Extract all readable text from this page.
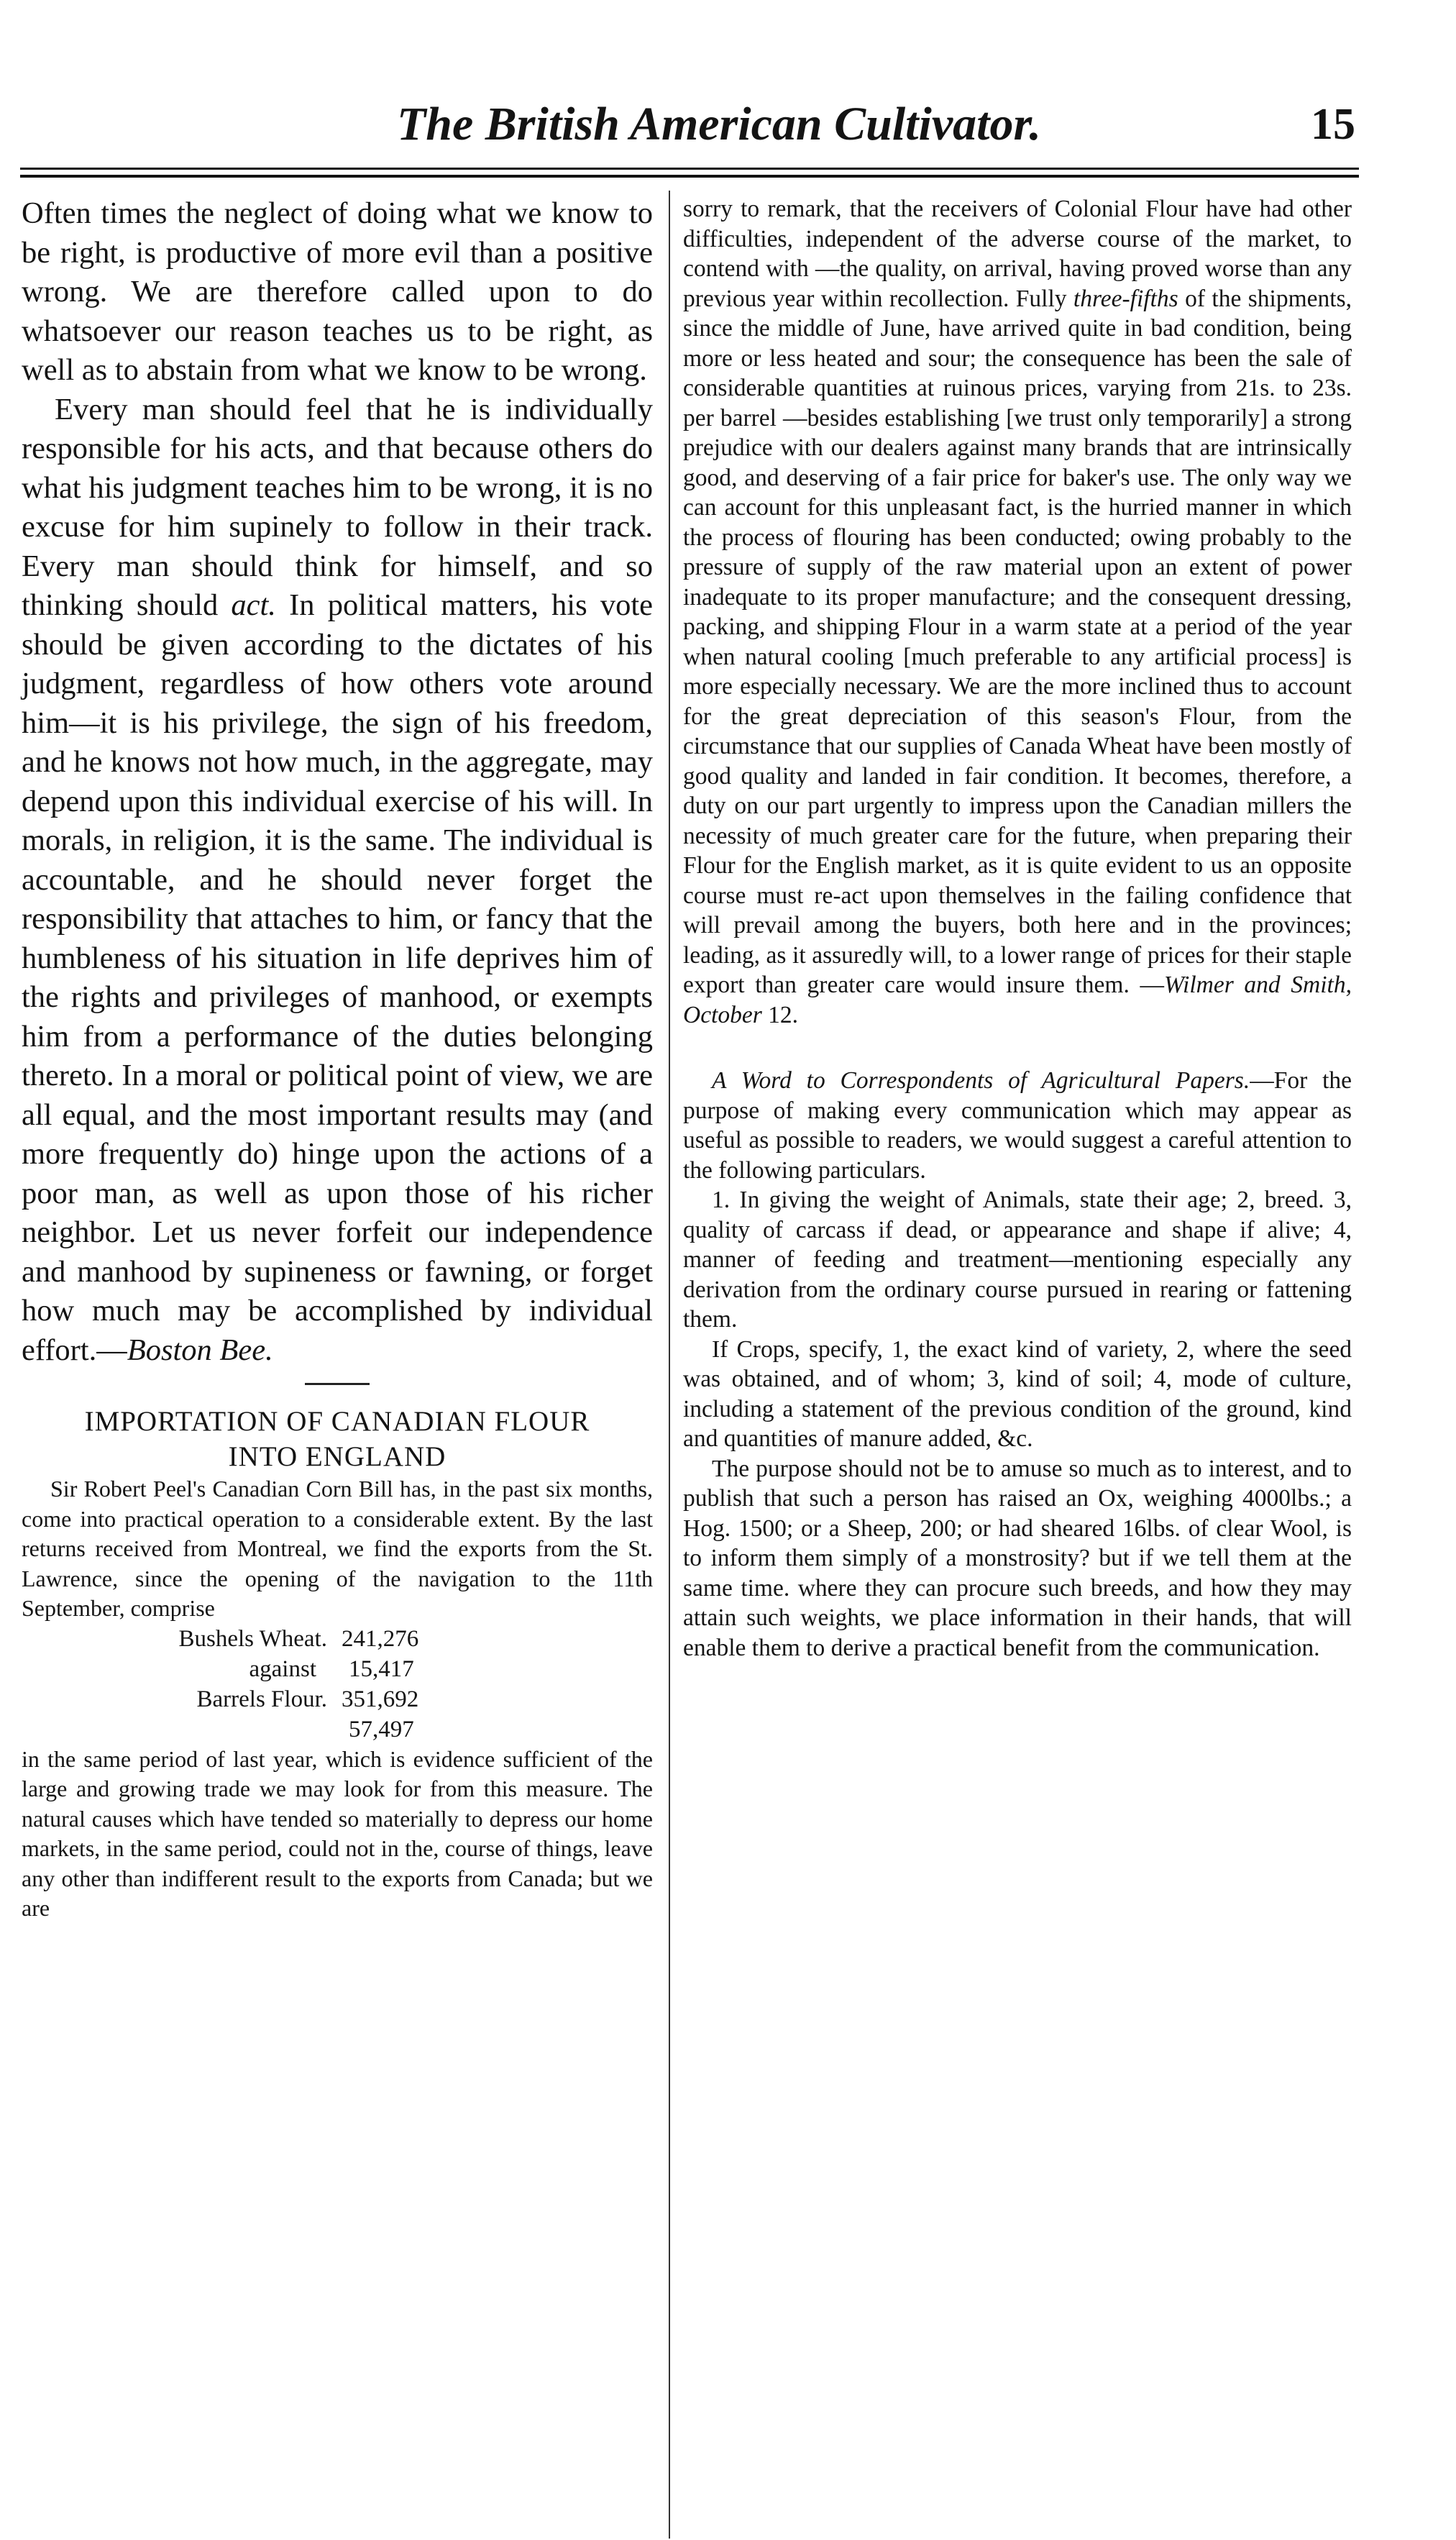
The British American Cultivator.	15

Often times the neglect of doing what we know to be right, is productive of more evil than a positive wrong. We are therefore called upon to do whatsoever our reason teaches us to be right, as well as to abstain from what we know to be wrong.

Every man should feel that he is individually responsible for his acts, and that because others do what his judgment teaches him to be wrong, it is no excuse for him supinely to follow in their track. Every man should think for himself, and so thinking should act. In political matters, his vote should be given according to the dictates of his judgment, regardless of how others vote around him—it is his privilege, the sign of his freedom, and he knows not how much, in the aggregate, may depend upon this individual exercise of his will. In morals, in religion, it is the same. The individual is accountable, and he should never forget the responsibility that attaches to him, or fancy that the humbleness of his situation in life deprives him of the rights and privileges of manhood, or exempts him from a performance of the duties belonging thereto. In a moral or political point of view, we are all equal, and the most important results may (and more frequently do) hinge upon the actions of a poor man, as well as upon those of his richer neighbor. Let us never forfeit our independence and manhood by supineness or fawning, or forget how much may be accomplished by individual effort.—Boston Bee.

IMPORTATION OF CANADIAN FLOUR

INTO ENGLAND

Sir Robert Peel's Canadian Corn Bill has, in the past six months, come into practical operation to a considerable extent. By the last returns received from Montreal, we find the exports from the St. Lawrence, since the opening of the navigation to the 11th September, comprise

Bushels Wheat. 241,276
against 15,417
Barrels Flour. 351,692
57,497

in the same period of last year, which is evidence sufficient of the large and growing trade we may look for from this measure. The natural causes which have tended so materially to depress our home markets, in the same period, could not in the, course of things, leave any other than indifferent result to the exports from Canada; but we are

sorry to remark, that the receivers of Colonial Flour have had other difficulties, independent of the adverse course of the market, to contend with —the quality, on arrival, having proved worse than any previous year within recollection. Fully three-fifths of the shipments, since the middle of June, have arrived quite in bad condition, being more or less heated and sour; the consequence has been the sale of considerable quantities at ruinous prices, varying from 21s. to 23s. per barrel —besides establishing [we trust only temporarily] a strong prejudice with our dealers against many brands that are intrinsically good, and deserving of a fair price for baker's use. The only way we can account for this unpleasant fact, is the hurried manner in which the process of flouring has been conducted; owing probably to the pressure of supply of the raw material upon an extent of power inadequate to its proper manufacture; and the consequent dressing, packing, and shipping Flour in a warm state at a period of the year when natural cooling [much preferable to any artificial process] is more especially necessary. We are the more inclined thus to account for the great depreciation of this season's Flour, from the circumstance that our supplies of Canada Wheat have been mostly of good quality and landed in fair condition. It becomes, therefore, a duty on our part urgently to impress upon the Canadian millers the necessity of much greater care for the future, when preparing their Flour for the English market, as it is quite evident to us an opposite course must re-act upon themselves in the failing confidence that will prevail among the buyers, both here and in the provinces; leading, as it assuredly will, to a lower range of prices for their staple export than greater care would insure them. —Wilmer and Smith, October 12.

A Word to Correspondents of Agricultural Papers.—For the purpose of making every communication which may appear as useful as possible to readers, we would suggest a careful attention to the following particulars.

1. In giving the weight of Animals, state their age; 2, breed. 3, quality of carcass if dead, or appearance and shape if alive; 4, manner of feeding and treatment—mentioning especially any derivation from the ordinary course pursued in rearing or fattening them.

If Crops, specify, 1, the exact kind of variety, 2, where the seed was obtained, and of whom; 3, kind of soil; 4, mode of culture, including a statement of the previous condition of the ground, kind and quantities of manure added, &c.

The purpose should not be to amuse so much as to interest, and to publish that such a person has raised an Ox, weighing 4000lbs.; a Hog. 1500; or a Sheep, 200; or had sheared 16lbs. of clear Wool, is to inform them simply of a monstrosity? but if we tell them at the same time. where they can procure such breeds, and how they may attain such weights, we place information in their hands, that will enable them to derive a practical benefit from the communication.
